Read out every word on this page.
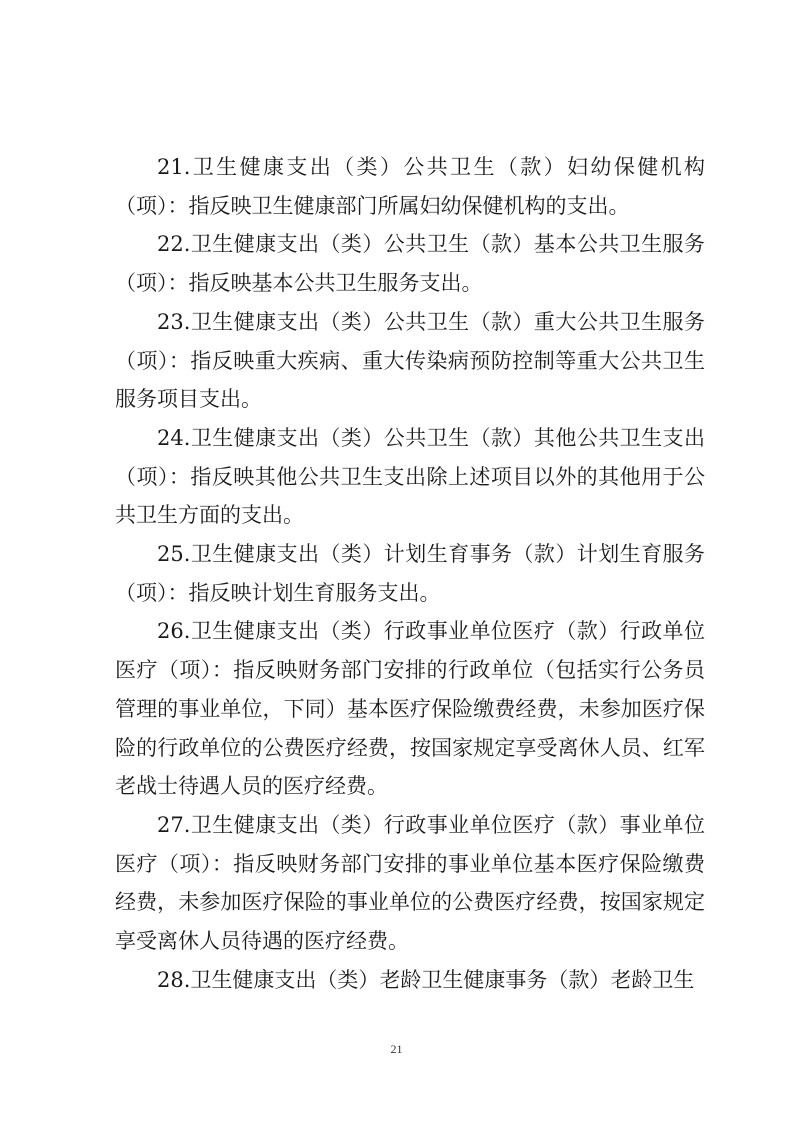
21.卫生健康支出（类）公共卫生（款）妇幼保健机构（项）：指反映卫生健康部门所属妇幼保健机构的支出。

22.卫生健康支出（类）公共卫生（款）基本公共卫生服务（项）：指反映基本公共卫生服务支出。

23.卫生健康支出（类）公共卫生（款）重大公共卫生服务（项）：指反映重大疾病、重大传染病预防控制等重大公共卫生服务项目支出。

24.卫生健康支出（类）公共卫生（款）其他公共卫生支出（项）：指反映其他公共卫生支出除上述项目以外的其他用于公共卫生方面的支出。

25.卫生健康支出（类）计划生育事务（款）计划生育服务（项）：指反映计划生育服务支出。

26.卫生健康支出（类）行政事业单位医疗（款）行政单位医疗（项）：指反映财务部门安排的行政单位（包括实行公务员管理的事业单位，下同）基本医疗保险缴费经费，未参加医疗保险的行政单位的公费医疗经费，按国家规定享受离休人员、红军老战士待遇人员的医疗经费。

27.卫生健康支出（类）行政事业单位医疗（款）事业单位医疗（项）：指反映财务部门安排的事业单位基本医疗保险缴费经费，未参加医疗保险的事业单位的公费医疗经费，按国家规定享受离休人员待遇的医疗经费。

28.卫生健康支出（类）老龄卫生健康事务（款）老龄卫生

21
